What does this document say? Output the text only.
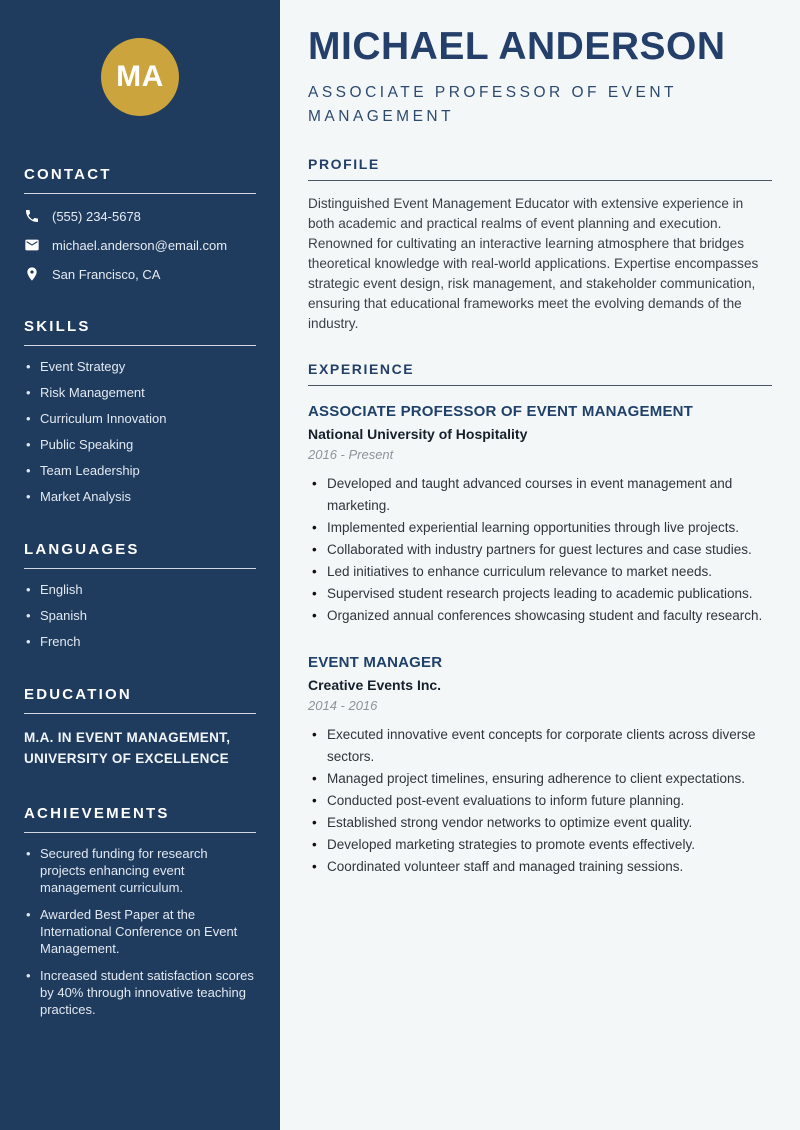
MA
CONTACT
(555) 234-5678
michael.anderson@email.com
San Francisco, CA
SKILLS
• Event Strategy
• Risk Management
• Curriculum Innovation
• Public Speaking
• Team Leadership
• Market Analysis
LANGUAGES
• English
• Spanish
• French
EDUCATION

M.A. IN EVENT MANAGEMENT, UNIVERSITY OF EXCELLENCE

ACHIEVEMENTS
• Secured funding for research projects enhancing event management curriculum.
• Awarded Best Paper at the International Conference on Event Management.
• Increased student satisfaction scores by 40% through innovative teaching practices.
MICHAEL ANDERSON
ASSOCIATE PROFESSOR OF EVENT MANAGEMENT
PROFILE

Distinguished Event Management Educator with extensive experience in both academic and practical realms of event planning and execution. Renowned for cultivating an interactive learning atmosphere that bridges theoretical knowledge with real-world applications. Expertise encompasses strategic event design, risk management, and stakeholder communication, ensuring that educational frameworks meet the evolving demands of the industry.

EXPERIENCE
ASSOCIATE PROFESSOR OF EVENT MANAGEMENT
National University of Hospitality
2016 - Present
• Developed and taught advanced courses in event management and marketing.
• Implemented experiential learning opportunities through live projects.
• Collaborated with industry partners for guest lectures and case studies.
• Led initiatives to enhance curriculum relevance to market needs.
• Supervised student research projects leading to academic publications.
• Organized annual conferences showcasing student and faculty research.
EVENT MANAGER
Creative Events Inc.
2014 - 2016
• Executed innovative event concepts for corporate clients across diverse sectors.
• Managed project timelines, ensuring adherence to client expectations.
• Conducted post-event evaluations to inform future planning.
• Established strong vendor networks to optimize event quality.
• Developed marketing strategies to promote events effectively.
• Coordinated volunteer staff and managed training sessions.
